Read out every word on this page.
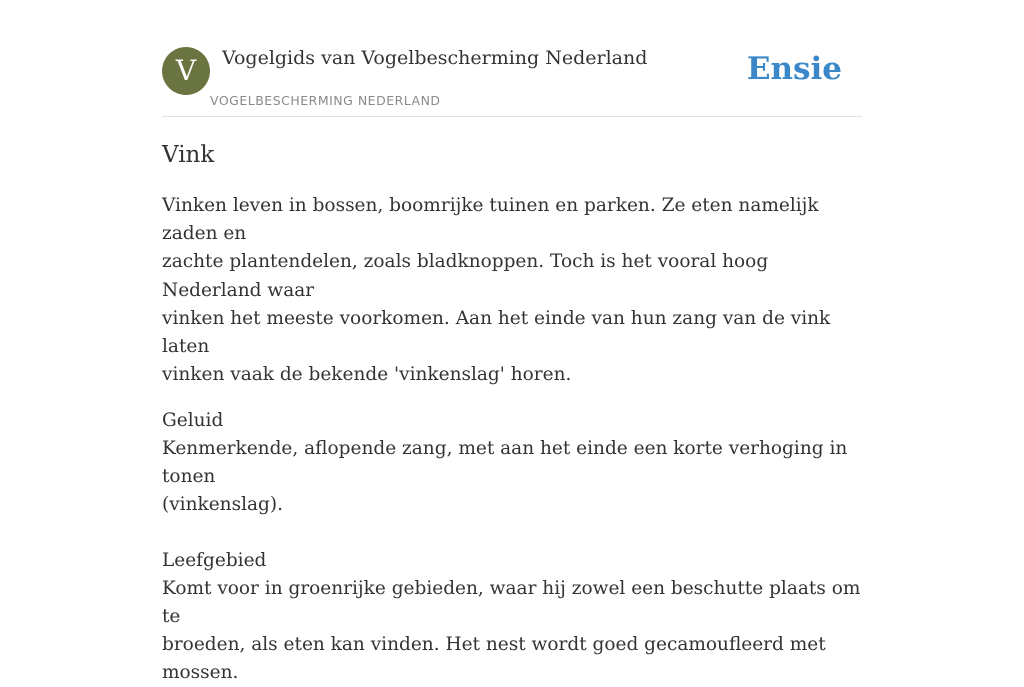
V	Vogelgids van Vogelbescherming Nederland
VOGELBESCHERMING NEDERLAND
Ensie
Vink

Vinken leven in bossen, boomrijke tuinen en parken. Ze eten namelijk zaden en
zachte plantendelen, zoals bladknoppen. Toch is het vooral hoog Nederland waar
vinken het meeste voorkomen. Aan het einde van hun zang van de vink laten
vinken vaak de bekende 'vinkenslag' horen.

Geluid

Kenmerkende, aflopende zang, met aan het einde een korte verhoging in tonen
(vinkenslag).

Leefgebied

Komt voor in groenrijke gebieden, waar hij zowel een beschutte plaats om te
broeden, als eten kan vinden. Het nest wordt goed gecamoufleerd met mossen.
